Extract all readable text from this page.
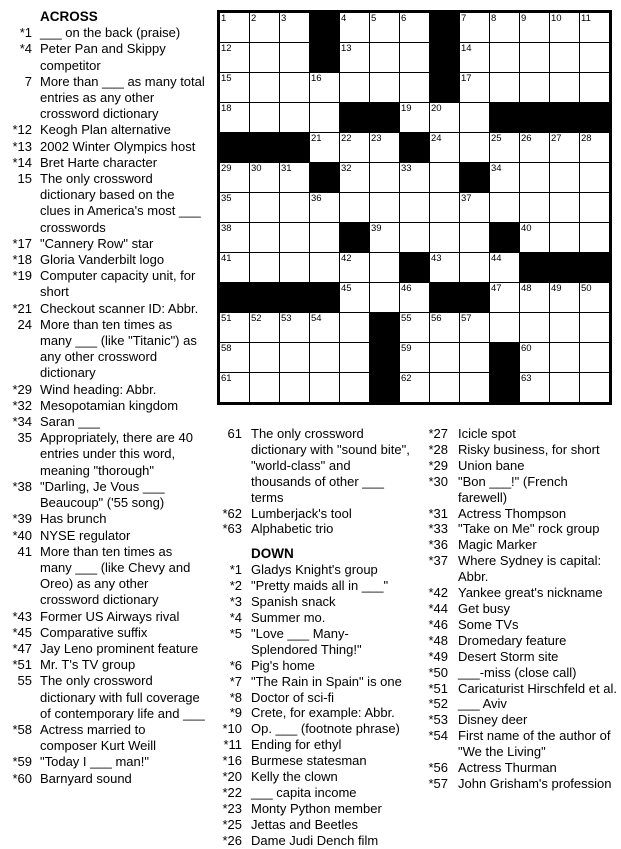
ACROSS
*1 ___ on the back (praise)
*4 Peter Pan and Skippy competitor
7 More than ___ as many total entries as any other crossword dictionary
*12 Keogh Plan alternative
*13 2002 Winter Olympics host
*14 Bret Harte character
15 The only crossword dictionary based on the clues in America's most ___ crosswords
*17 "Cannery Row" star
*18 Gloria Vanderbilt logo
*19 Computer capacity unit, for short
*21 Checkout scanner ID: Abbr.
24 More than ten times as many ___ (like "Titanic") as any other crossword dictionary
*29 Wind heading: Abbr.
*32 Mesopotamian kingdom
*34 Saran ___
35 Appropriately, there are 40 entries under this word, meaning "thorough"
*38 "Darling, Je Vous ___ Beaucoup" ('55 song)
*39 Has brunch
*40 NYSE regulator
41 More than ten times as many ___ (like Chevy and Oreo) as any other crossword dictionary
*43 Former US Airways rival
*45 Comparative suffix
*47 Jay Leno prominent feature
*51 Mr. T's TV group
55 The only crossword dictionary with full coverage of contemporary life and ___
*58 Actress married to composer Kurt Weill
*59 "Today I ___ man!"
*60 Barnyard sound
1	2	3	4	5	6	7	8	9	10 11
12	13	14
15	16	17
18	19 20
21 22 23	24	25 26 27 28
29 30 31	32	33	34
35	36	37
38	39	40
41	42	43	44
45	46	47 48 49 50
51 52 53 54	55 56 57
58	59	60
61	62	63
61 The only crossword dictionary with "sound bite", "world-class" and thousands of other ___ terms
*62 Lumberjack's tool
*63 Alphabetic trio
DOWN
*1 Gladys Knight's group
*2 "Pretty maids all in ___"
*3 Spanish snack
*4 Summer mo.
*5 "Love ___ Many-Splendored Thing!"
*6 Pig's home
*7 "The Rain in Spain" is one
*8 Doctor of sci-fi
*9 Crete, for example: Abbr.
*10 Op. ___ (footnote phrase)
*11 Ending for ethyl
*16 Burmese statesman
*20 Kelly the clown
*22 ___ capita income
*23 Monty Python member
*25 Jettas and Beetles
*26 Dame Judi Dench film
*27 Icicle spot
*28 Risky business, for short
*29 Union bane
*30 "Bon ___!" (French farewell)
*31 Actress Thompson
*33 "Take on Me" rock group
*36 Magic Marker
*37 Where Sydney is capital: Abbr.
*42 Yankee great's nickname
*44 Get busy
*46 Some TVs
*48 Dromedary feature
*49 Desert Storm site
*50 ___-miss (close call)
*51 Caricaturist Hirschfeld et al.
*52 ___ Aviv
*53 Disney deer
*54 First name of the author of "We the Living"
*56 Actress Thurman
*57 John Grisham's profession
